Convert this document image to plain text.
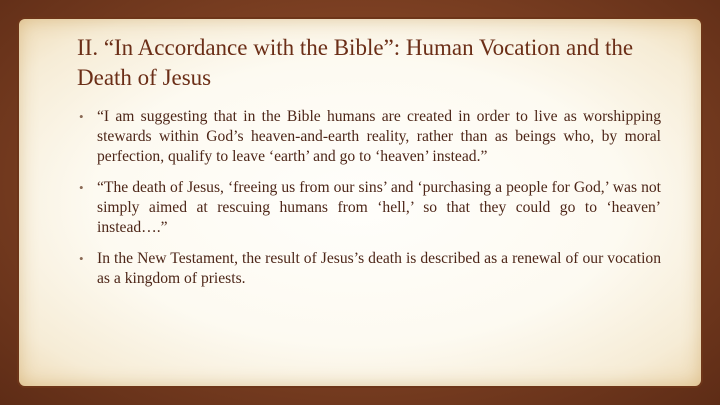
II. “In Accordance with the Bible”: Human Vocation and the Death of Jesus
• “I am suggesting that in the Bible humans are created in order to live as worshipping stewards within God’s heaven-and-earth reality, rather than as beings who, by moral perfection, qualify to leave ‘earth’ and go to ‘heaven’ instead.”
• “The death of Jesus, ‘freeing us from our sins’ and ‘purchasing a people for God,’ was not simply aimed at rescuing humans from ‘hell,’ so that they could go to ‘heaven’ instead….”
• In the New Testament, the result of Jesus’s death is described as a renewal of our vocation as a kingdom of priests.
